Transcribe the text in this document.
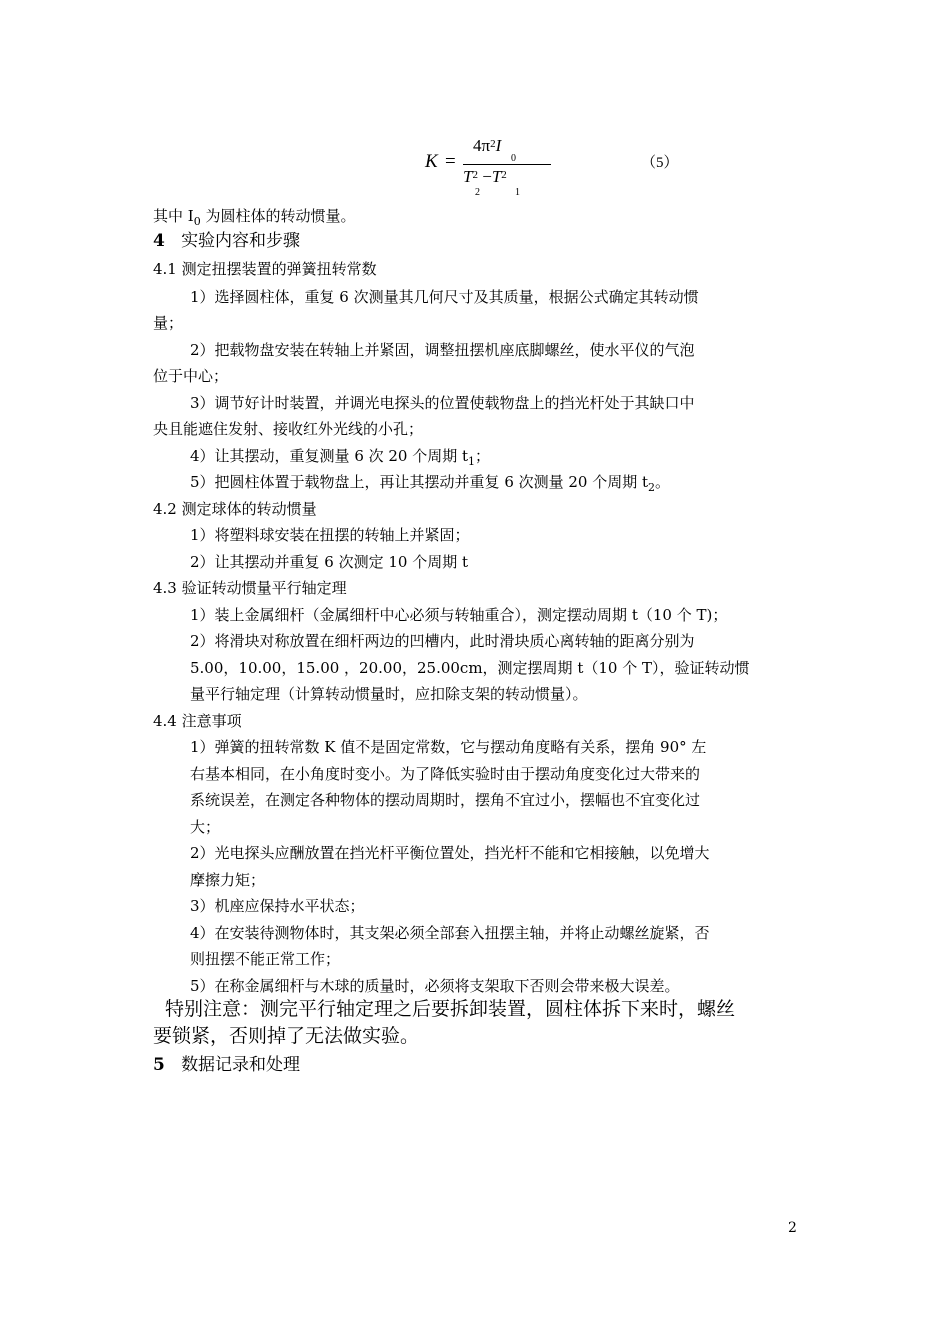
K =
$4\pi^2I$
0
$T^2 -T^2$
2	1
（5）
其中 $I_0$ 为圆柱体的转动惯量。
4 实验内容和步骤
4.1 测定扭摆装置的弹簧扭转常数
1）选择圆柱体，重复 6 次测量其几何尺寸及其质量，根据公式确定其转动惯
量；
2）把载物盘安装在转轴上并紧固，调整扭摆机座底脚螺丝，使水平仪的气泡
位于中心；
3）调节好计时装置，并调光电探头的位置使载物盘上的挡光杆处于其缺口中
央且能遮住发射、接收红外光线的小孔；
4）让其摆动，重复测量 6 次 20 个周期 $t_1$；
5）把圆柱体置于载物盘上，再让其摆动并重复 6 次测量 20 个周期 $t_2$。
4.2 测定球体的转动惯量
1）将塑料球安装在扭摆的转轴上并紧固；
2）让其摆动并重复 6 次测定 10 个周期 t
4.3 验证转动惯量平行轴定理
1）装上金属细杆（金属细杆中心必须与转轴重合），测定摆动周期 t（10 个 T)；
2）将滑块对称放置在细杆两边的凹槽内，此时滑块质心离转轴的距离分别为
5.00，10.00，15.00 ，20.00，25.00cm，测定摆周期 t（10 个 T），验证转动惯
量平行轴定理（计算转动惯量时，应扣除支架的转动惯量）。
4.4 注意事项
1）弹簧的扭转常数 K 值不是固定常数，它与摆动角度略有关系，摆角 90° 左
右基本相同，在小角度时变小。为了降低实验时由于摆动角度变化过大带来的
系统误差，在测定各种物体的摆动周期时，摆角不宜过小，摆幅也不宜变化过
大；
2）光电探头应酬放置在挡光杆平衡位置处，挡光杆不能和它相接触，以免增大
摩擦力矩；
3）机座应保持水平状态；
4）在安装待测物体时，其支架必须全部套入扭摆主轴，并将止动螺丝旋紧，否
则扭摆不能正常工作；
5）在称金属细杆与木球的质量时，必须将支架取下否则会带来极大误差。
特别注意：测完平行轴定理之后要拆卸装置，圆柱体拆下来时，螺丝
要锁紧，否则掉了无法做实验。
5 数据记录和处理
2
